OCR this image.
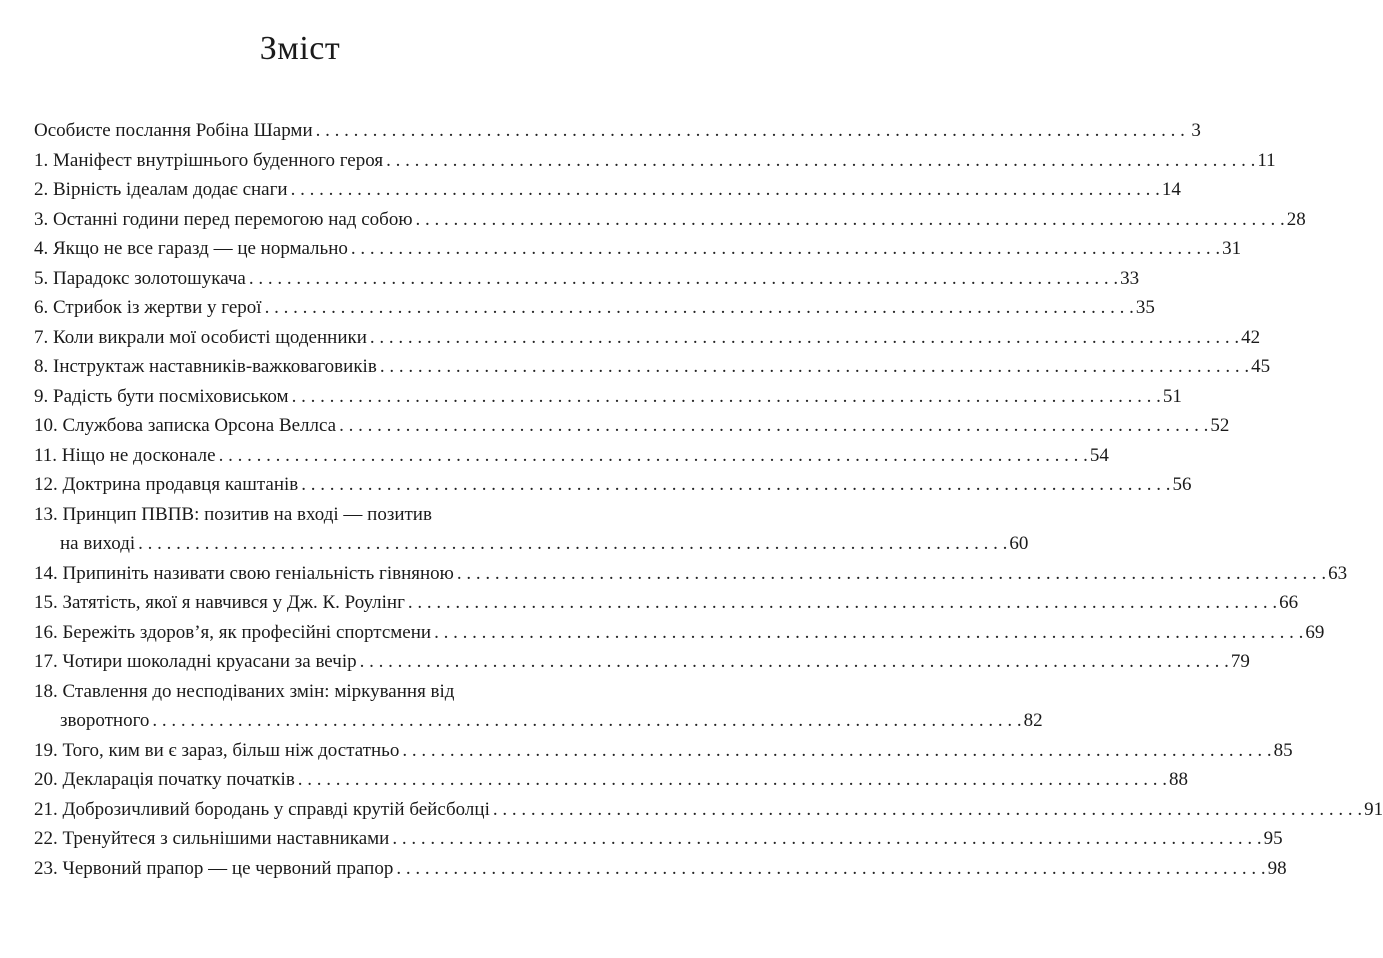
Зміст
Особисте послання Робіна Шарми . . .	3
1. Маніфест внутрішнього буденного героя . . .	11
2. Вірність ідеалам додає снаги . . .	14
3. Останні години перед перемогою над собою . . .	28
4. Якщо не все гаразд — це нормально . . .	31
5. Парадокс золотошукача . . .	33
6. Стрибок із жертви у герої . . .	35
7. Коли викрали мої особисті щоденники . . .	42
8. Інструктаж наставників-важковаговиків . . .	45
9. Радість бути посміховиськом . . .	51
10. Службова записка Орсона Веллса . . .	52
11. Ніщо не досконале . . .	54
12. Доктрина продавця каштанів . . .	56
13. Принцип ПВПВ: позитив на вході — позитив
на виході . . .	60
14. Припиніть називати свою геніальність гівняною . . .	63
15. Затятість, якої я навчився у Дж. К. Роулінг . . .	66
16. Бережіть здоров’я, як професійні спортсмени . . .	69
17. Чотири шоколадні круасани за вечір . . .	79
18. Ставлення до несподіваних змін: міркування від
зворотного . . .	82
19. Того, ким ви є зараз, більш ніж достатньо . . .	85
20. Декларація початку початків . . .	88
21. Доброзичливий бородань у справді крутій бейсболці . . .	91
22. Тренуйтеся з сильнішими наставниками . . .	95
23. Червоний прапор — це червоний прапор . . .	98
